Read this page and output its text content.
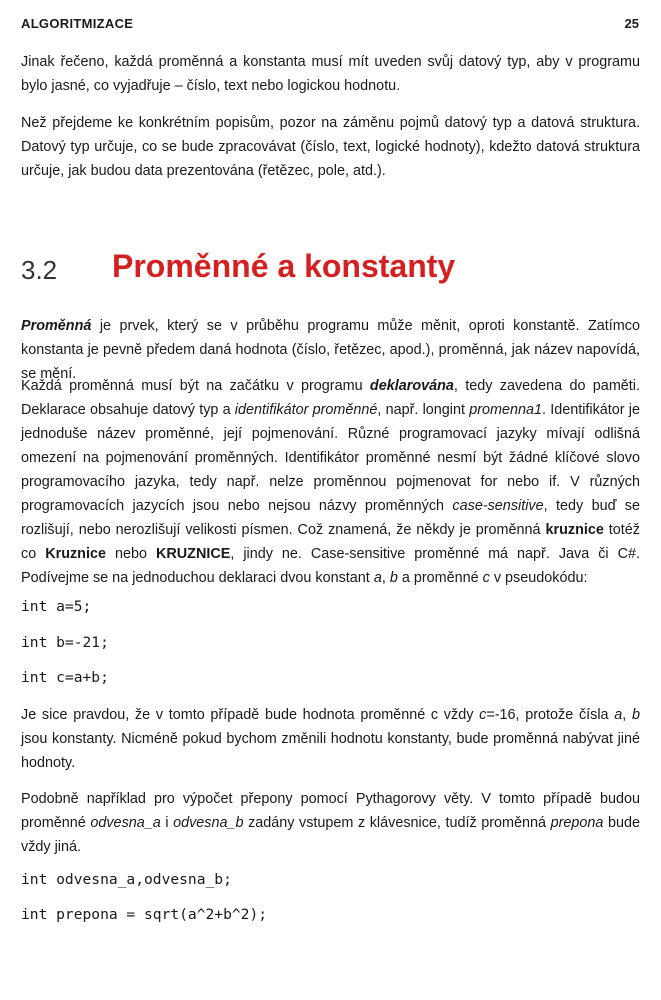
ALGORITMIZACE	25

Jinak řečeno, každá proměnná a konstanta musí mít uveden svůj datový typ, aby v programu bylo jasné, co vyjadřuje – číslo, text nebo logickou hodnotu.

Než přejdeme ke konkrétním popisům, pozor na záměnu pojmů datový typ a datová struktura. Datový typ určuje, co se bude zpracovávat (číslo, text, logické hodnoty), kdežto datová struktura určuje, jak budou data prezentována (řetězec, pole, atd.).

3.2 Proměnné a konstanty

Proměnná je prvek, který se v průběhu programu může měnit, oproti konstantě. Zatímco konstanta je pevně předem daná hodnota (číslo, řetězec, apod.), proměnná, jak název napovídá, se mění.

Každá proměnná musí být na začátku v programu deklarována, tedy zavedena do paměti. Deklarace obsahuje datový typ a identifikátor proměnné, např. longint promenna1. Identifikátor je jednoduše název proměnné, její pojmenování. Různé programovací jazyky mívají odlišná omezení na pojmenování proměnných. Identifikátor proměnné nesmí být žádné klíčové slovo programovacího jazyka, tedy např. nelze proměnnou pojmenovat for nebo if. V různých programovacích jazycích jsou nebo nejsou názvy proměnných case-sensitive, tedy buď se rozlišují, nebo nerozlišují velikosti písmen. Což znamená, že někdy je proměnná kruznice totéž co Kruznice nebo KRUZNICE, jindy ne. Case-sensitive proměnné má např. Java či C#. Podívejme se na jednoduchou deklaraci dvou konstant a, b a proměnné c v pseudokódu:

int a=5;
int b=-21;
int c=a+b;

Je sice pravdou, že v tomto případě bude hodnota proměnné c vždy c=-16, protože čísla a, b jsou konstanty. Nicméně pokud bychom změnili hodnotu konstanty, bude proměnná nabývat jiné hodnoty.

Podobně například pro výpočet přepony pomocí Pythagorovy věty. V tomto případě budou proměnné odvesna_a i odvesna_b zadány vstupem z klávesnice, tudíž proměnná prepona bude vždy jiná.

int odvesna_a,odvesna_b;
int prepona = sqrt(a^2+b^2);
